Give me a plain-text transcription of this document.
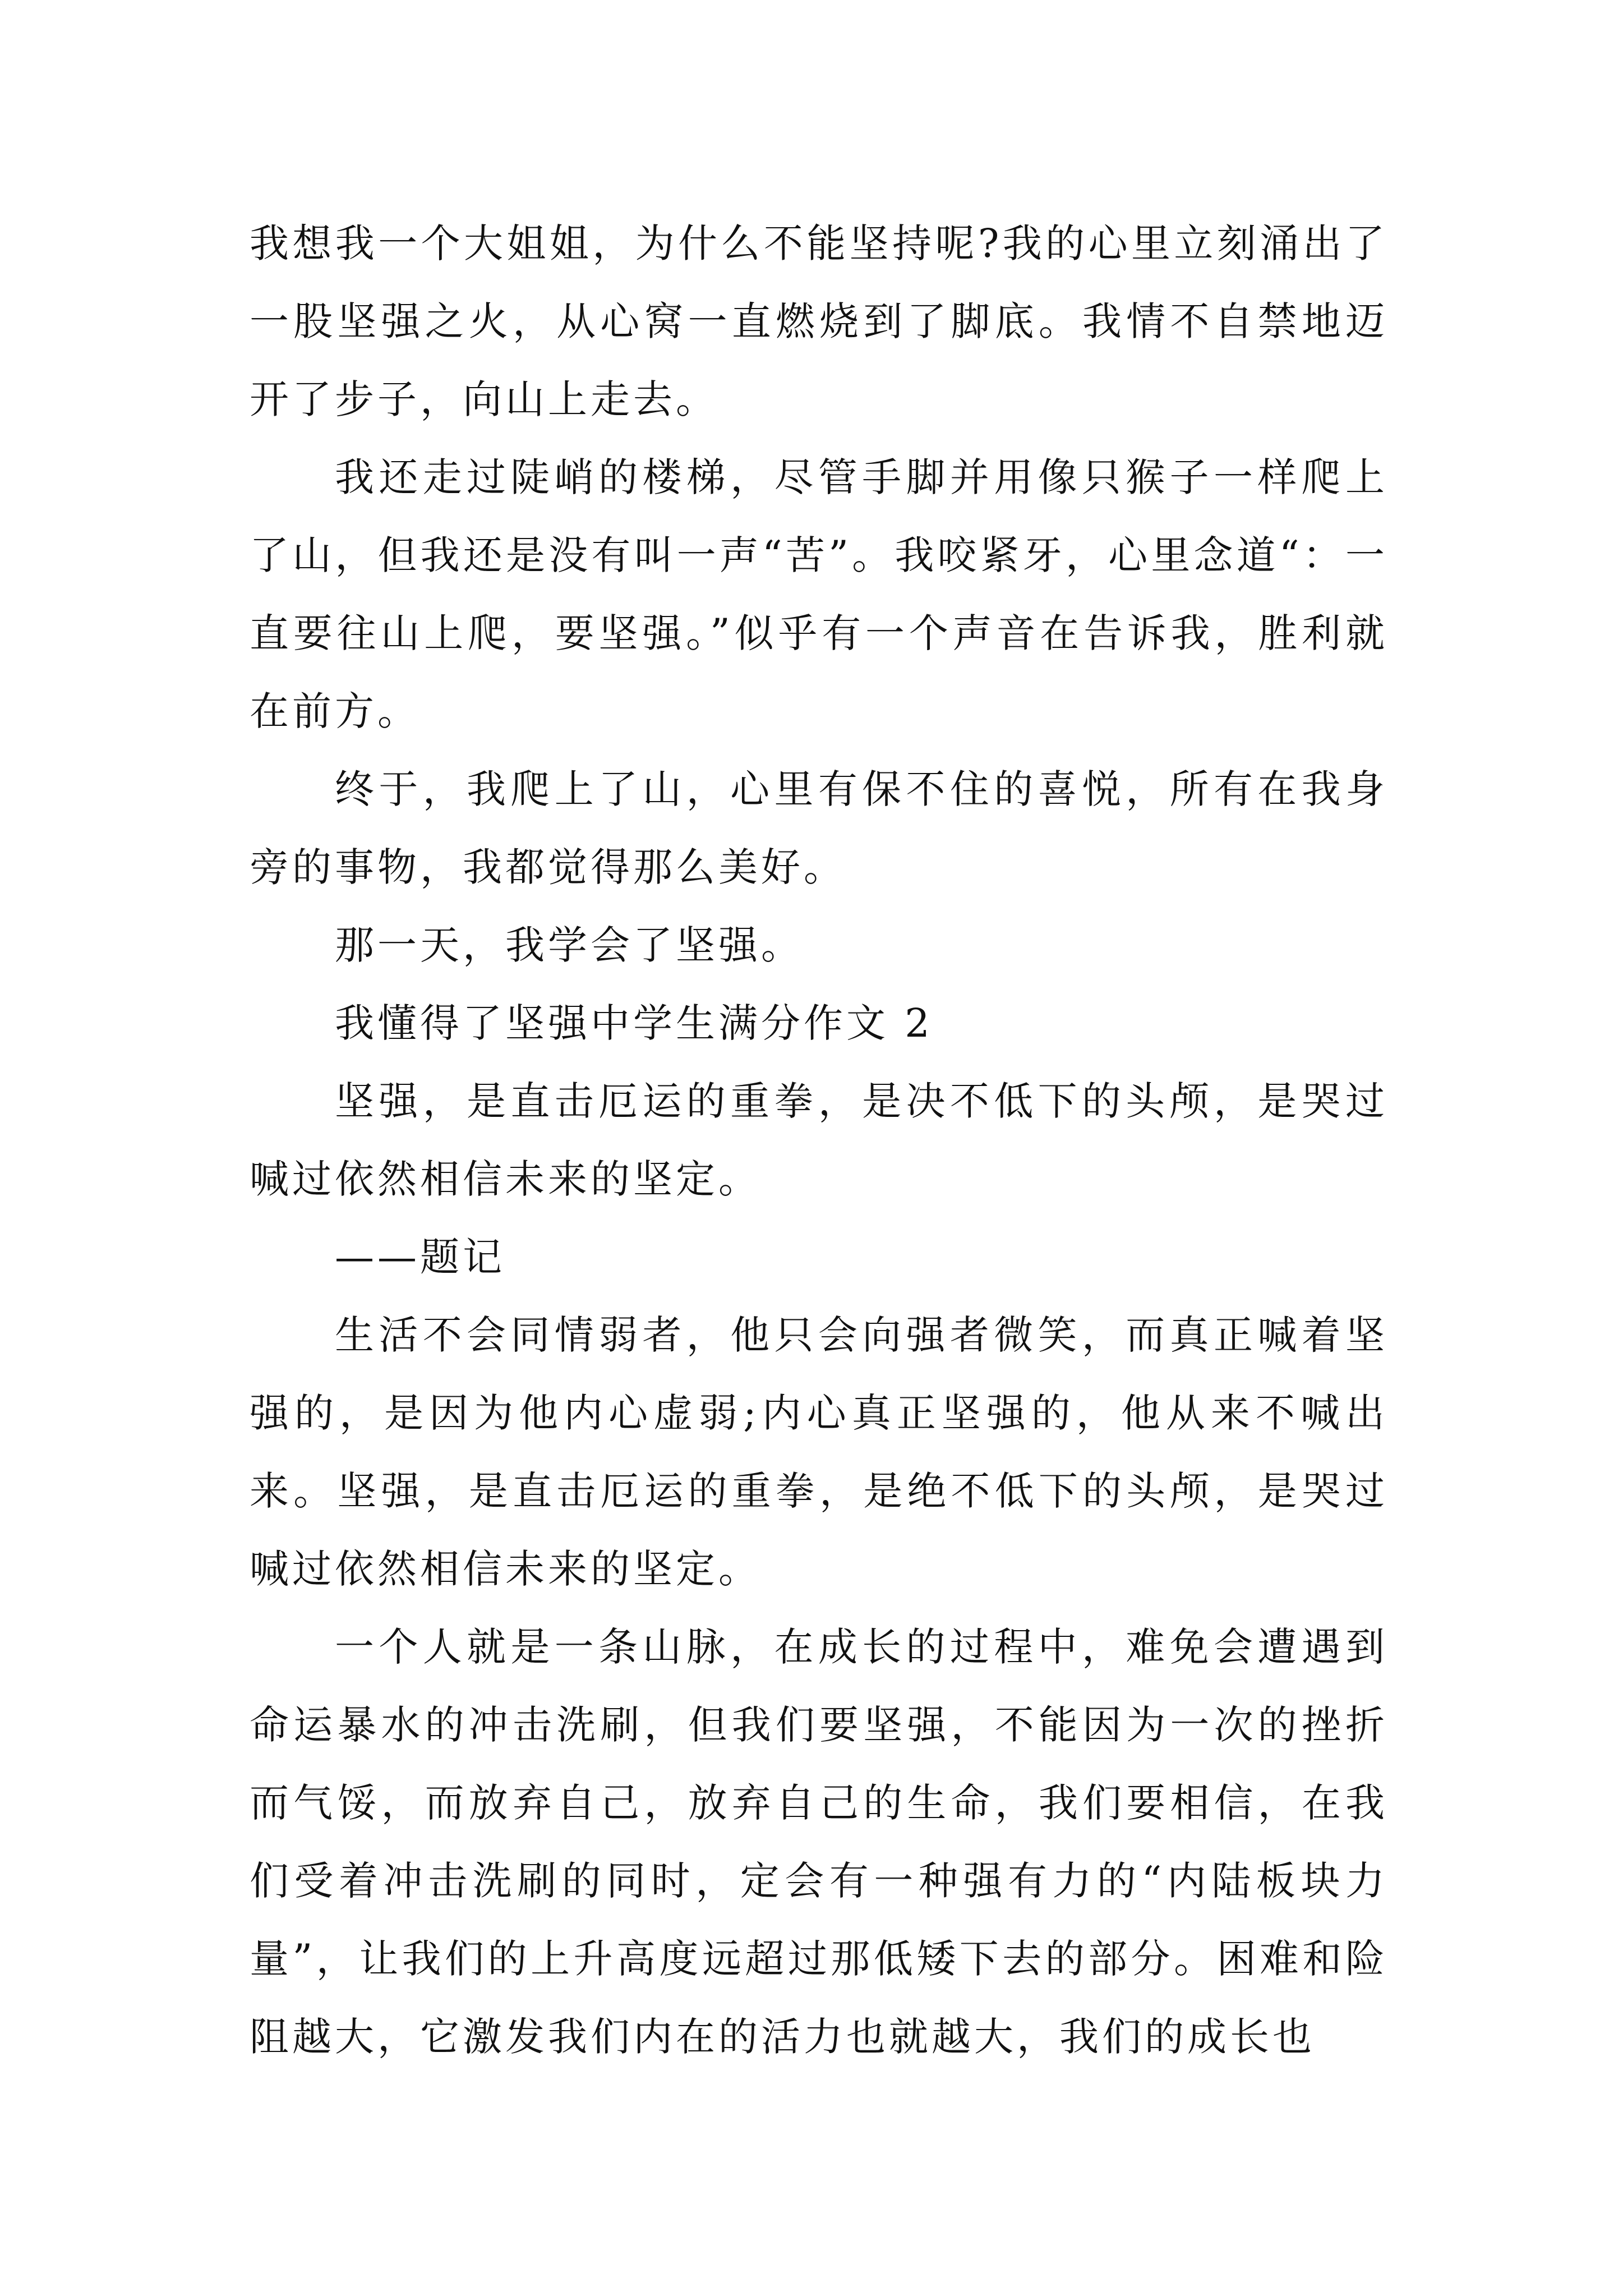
我想我一个大姐姐，为什么不能坚持呢?我的心里立刻涌出了一股坚强之火，从心窝一直燃烧到了脚底。我情不自禁地迈开了步子，向山上走去。

我还走过陡峭的楼梯，尽管手脚并用像只猴子一样爬上了山，但我还是没有叫一声“苦”。我咬紧牙，心里念道“：一直要往山上爬，要坚强。”似乎有一个声音在告诉我，胜利就在前方。

终于，我爬上了山，心里有保不住的喜悦，所有在我身旁的事物，我都觉得那么美好。

那一天，我学会了坚强。

我懂得了坚强中学生满分作文 2

坚强，是直击厄运的重拳，是决不低下的头颅，是哭过喊过依然相信未来的坚定。

——题记

生活不会同情弱者，他只会向强者微笑，而真正喊着坚强的，是因为他内心虚弱;内心真正坚强的，他从来不喊出来。坚强，是直击厄运的重拳，是绝不低下的头颅，是哭过喊过依然相信未来的坚定。

一个人就是一条山脉，在成长的过程中，难免会遭遇到命运暴水的冲击洗刷，但我们要坚强，不能因为一次的挫折而气馁，而放弃自己，放弃自己的生命，我们要相信，在我们受着冲击洗刷的同时，定会有一种强有力的“内陆板块力量”，让我们的上升高度远超过那低矮下去的部分。困难和险阻越大，它激发我们内在的活力也就越大，我们的成长也
